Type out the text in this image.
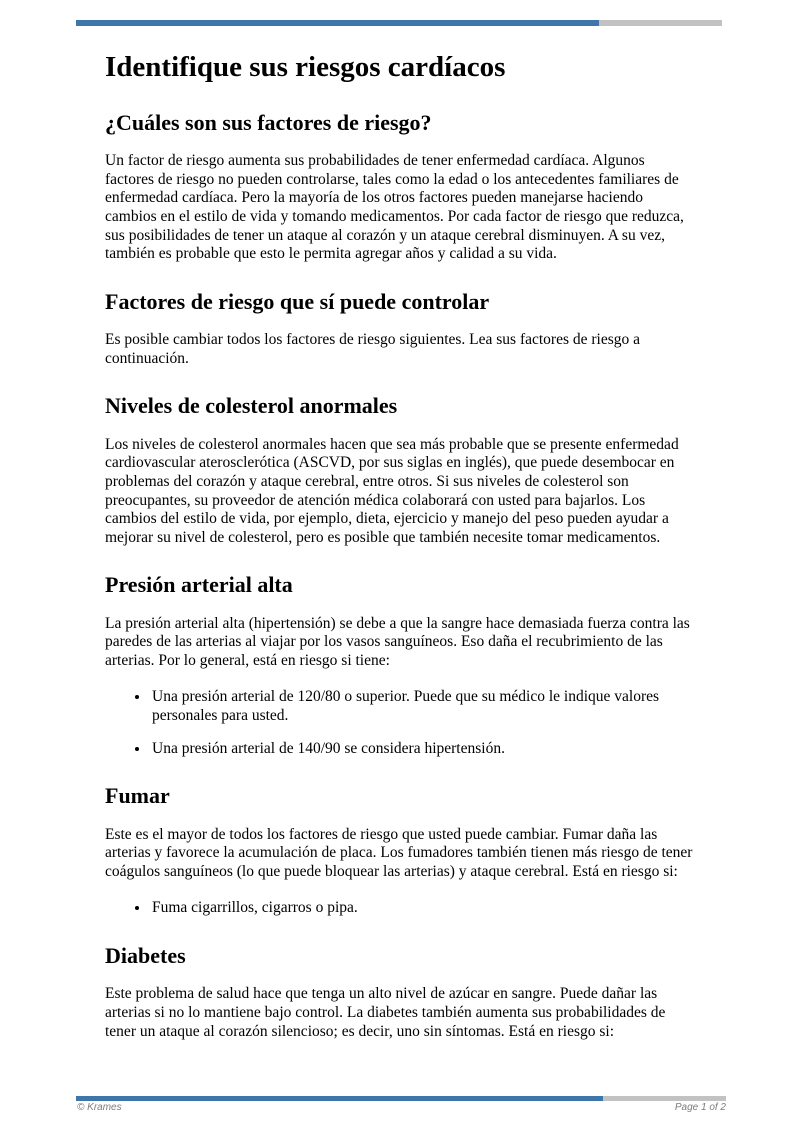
Identifique sus riesgos cardíacos
¿Cuáles son sus factores de riesgo?

Un factor de riesgo aumenta sus probabilidades de tener enfermedad cardíaca. Algunos factores de riesgo no pueden controlarse, tales como la edad o los antecedentes familiares de enfermedad cardíaca. Pero la mayoría de los otros factores pueden manejarse haciendo cambios en el estilo de vida y tomando medicamentos. Por cada factor de riesgo que reduzca, sus posibilidades de tener un ataque al corazón y un ataque cerebral disminuyen. A su vez, también es probable que esto le permita agregar años y calidad a su vida.

Factores de riesgo que sí puede controlar

Es posible cambiar todos los factores de riesgo siguientes. Lea sus factores de riesgo a continuación.

Niveles de colesterol anormales

Los niveles de colesterol anormales hacen que sea más probable que se presente enfermedad cardiovascular aterosclerótica (ASCVD, por sus siglas en inglés), que puede desembocar en problemas del corazón y ataque cerebral, entre otros. Si sus niveles de colesterol son preocupantes, su proveedor de atención médica colaborará con usted para bajarlos. Los cambios del estilo de vida, por ejemplo, dieta, ejercicio y manejo del peso pueden ayudar a mejorar su nivel de colesterol, pero es posible que también necesite tomar medicamentos.

Presión arterial alta

La presión arterial alta (hipertensión) se debe a que la sangre hace demasiada fuerza contra las paredes de las arterias al viajar por los vasos sanguíneos. Eso daña el recubrimiento de las arterias. Por lo general, está en riesgo si tiene:

• Una presión arterial de 120/80 o superior. Puede que su médico le indique valores personales para usted.
• Una presión arterial de 140/90 se considera hipertensión.
Fumar

Este es el mayor de todos los factores de riesgo que usted puede cambiar. Fumar daña las arterias y favorece la acumulación de placa. Los fumadores también tienen más riesgo de tener coágulos sanguíneos (lo que puede bloquear las arterias) y ataque cerebral. Está en riesgo si:

• Fuma cigarrillos, cigarros o pipa.
Diabetes

Este problema de salud hace que tenga un alto nivel de azúcar en sangre. Puede dañar las arterias si no lo mantiene bajo control. La diabetes también aumenta sus probabilidades de tener un ataque al corazón silencioso; es decir, uno sin síntomas. Está en riesgo si:

© Krames	Page 1 of 2
